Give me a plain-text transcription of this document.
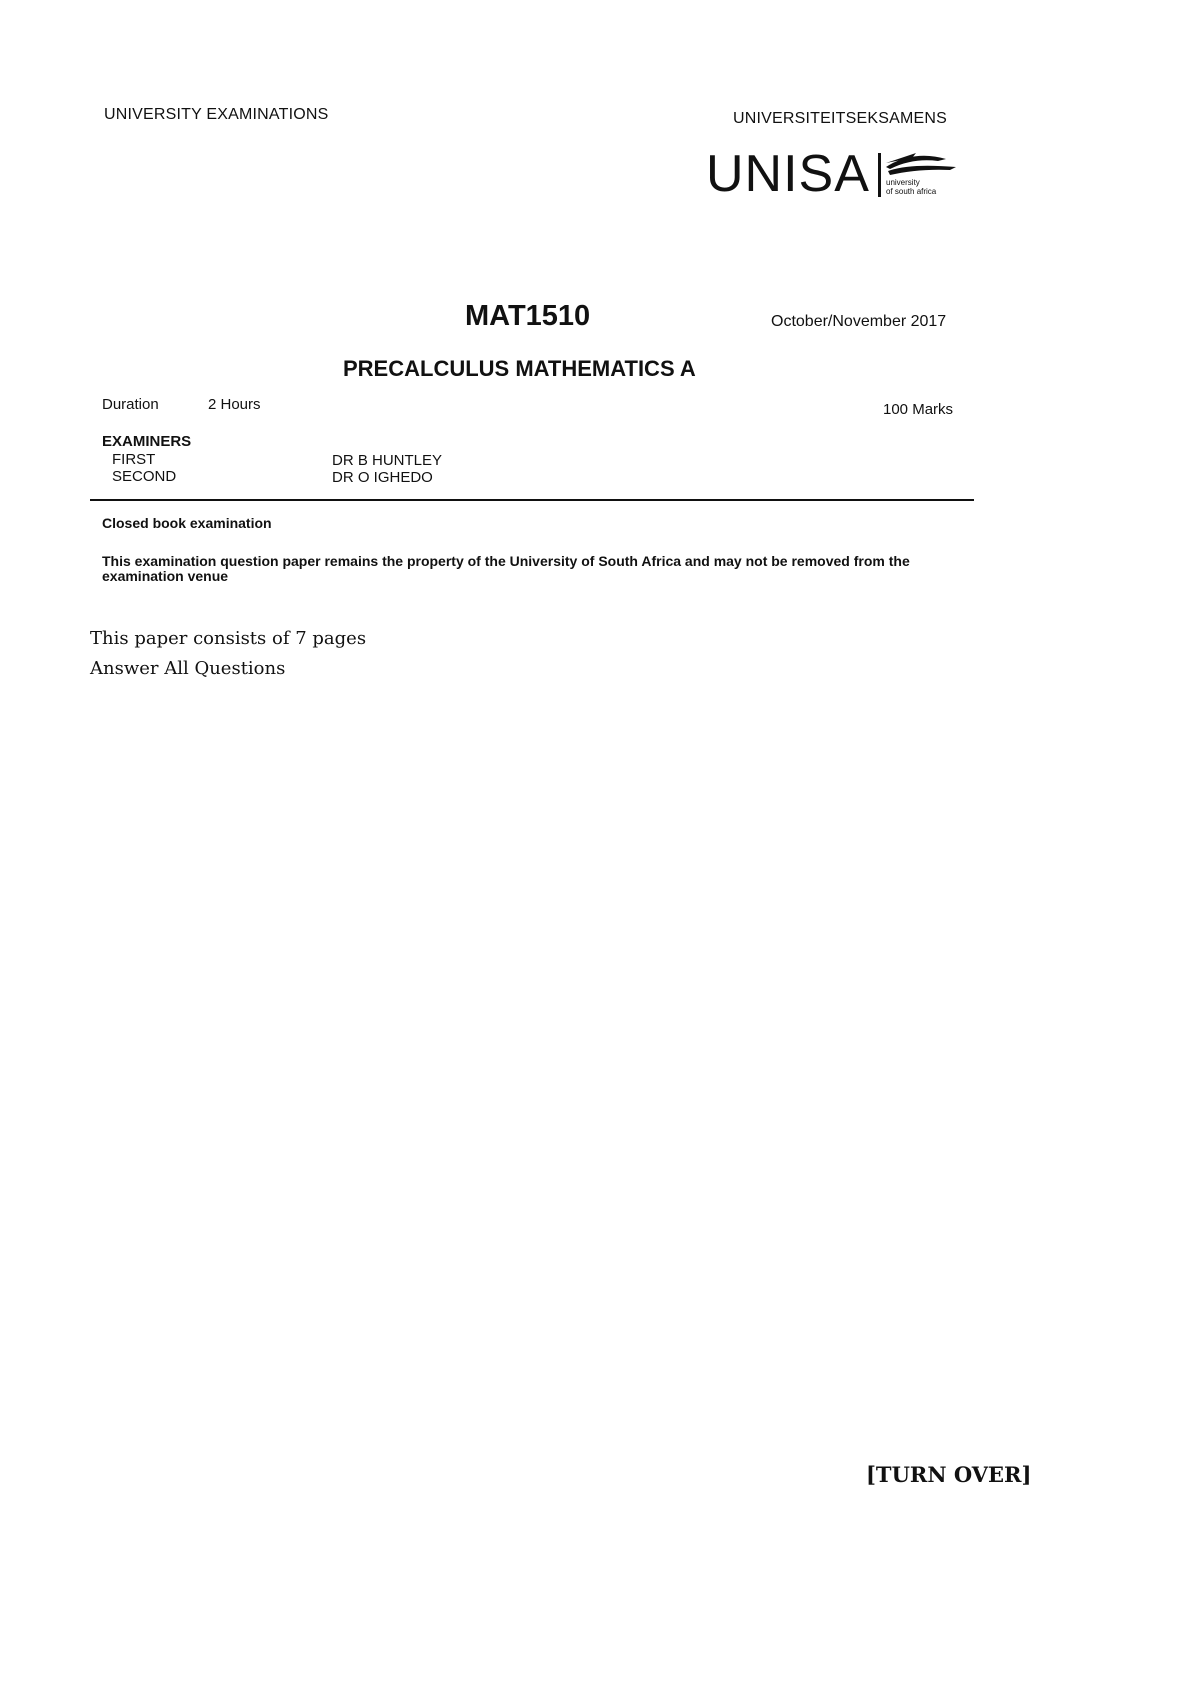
UNIVERSITY EXAMINATIONS	UNIVERSITEITSEKSAMENS
UNISA university
of south africa
MAT1510	October/November 2017
PRECALCULUS MATHEMATICS A
Duration	2 Hours	100 Marks
EXAMINERS
FIRST	DR B HUNTLEY
SECOND	DR O IGHEDO
Closed book examination
This examination question paper remains the property of the University of South Africa and may not be removed from the examination venue
This paper consists of 7 pages
Answer All Questions
[TURN OVER]
